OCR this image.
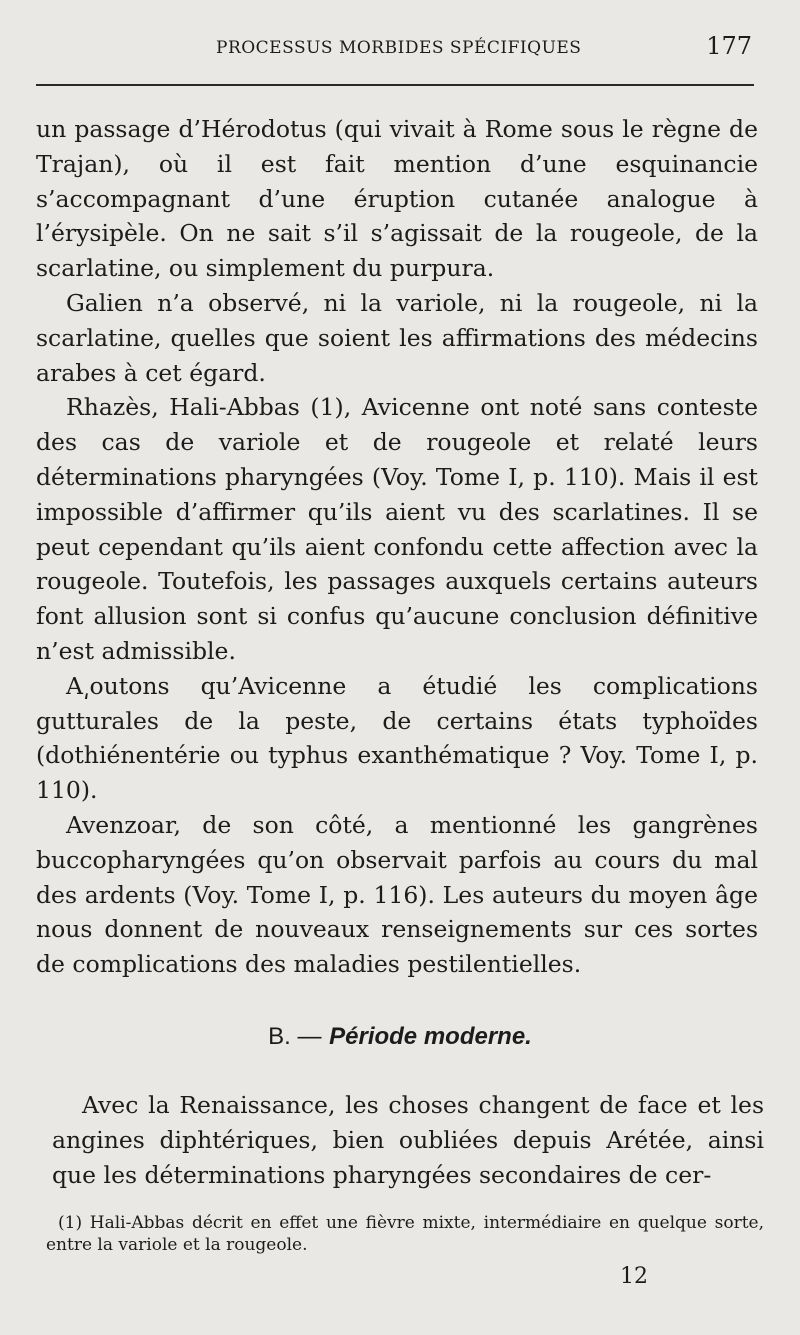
PROCESSUS MORBIDES SPÉCIFIQUES	177

un passage d’Hérodotus (qui vivait à Rome sous le règne de Trajan), où il est fait mention d’une esquinancie s’accompagnant d’une éruption cutanée analogue à l’érysipèle. On ne sait s’il s’agissait de la rougeole, de la scarlatine, ou simplement du purpura.

Galien n’a observé, ni la variole, ni la rougeole, ni la scarlatine, quelles que soient les affirmations des médecins arabes à cet égard.

Rhazès, Hali-Abbas (1), Avicenne ont noté sans conteste des cas de variole et de rougeole et relaté leurs déterminations pharyngées (Voy. Tome I, p. 110). Mais il est impossible d’affirmer qu’ils aient vu des scarlatines. Il se peut cependant qu’ils aient confondu cette affection avec la rougeole. Toutefois, les passages auxquels certains auteurs font allusion sont si confus qu’aucune conclusion définitive n’est admissible.

A͵outons qu’Avicenne a étudié les complications gutturales de la peste, de certains états typhoïdes (dothiénentérie ou typhus exanthématique ? Voy. Tome I, p. 110).

Avenzoar, de son côté, a mentionné les gangrènes buccopharyngées qu’on observait parfois au cours du mal des ardents (Voy. Tome I, p. 116). Les auteurs du moyen âge nous donnent de nouveaux renseignements sur ces sortes de complications des maladies pestilentielles.

B. — Période moderne.

Avec la Renaissance, les choses changent de face et les angines diphtériques, bien oubliées depuis Arétée, ainsi que les déterminations pharyngées secondaires de cer-

(1) Hali-Abbas décrit en effet une fièvre mixte, intermédiaire en quelque sorte, entre la variole et la rougeole.

12
